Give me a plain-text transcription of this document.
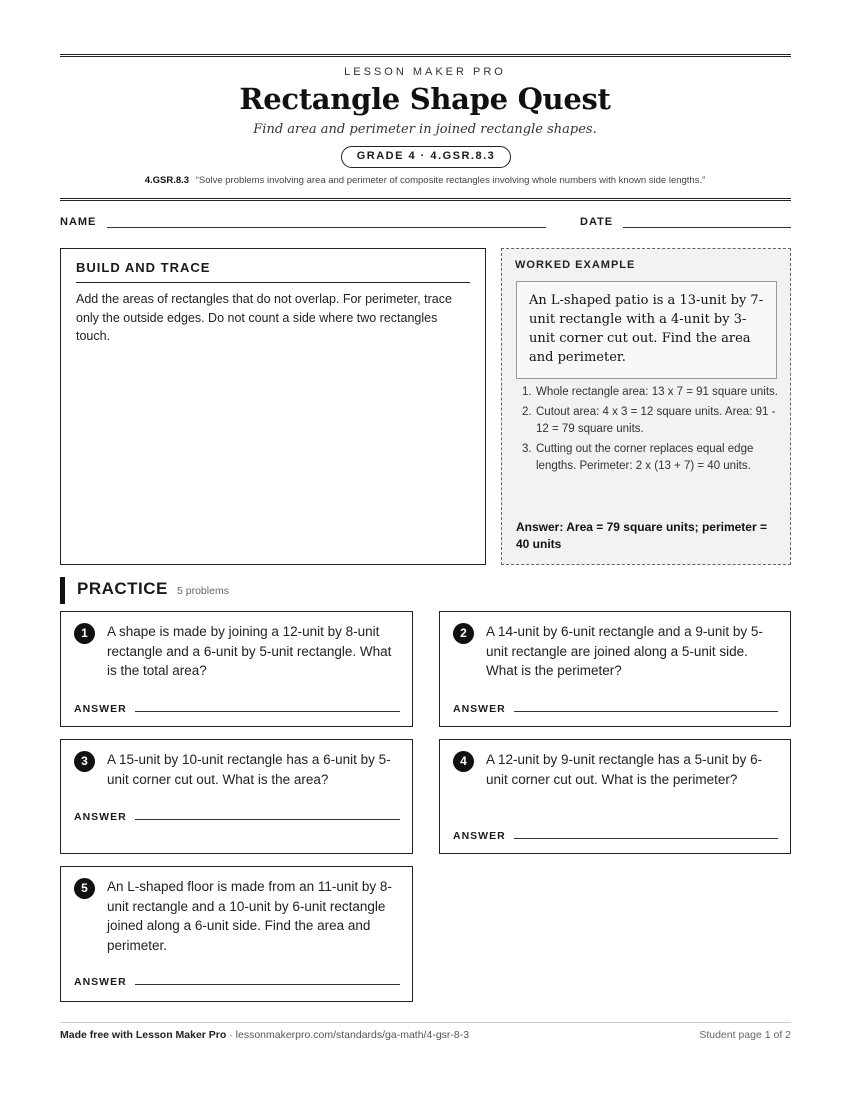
LESSON MAKER PRO
Rectangle Shape Quest
Find area and perimeter in joined rectangle shapes.
GRADE 4 · 4.GSR.8.3
4.GSR.8.3 “Solve problems involving area and perimeter of composite rectangles involving whole numbers with known side lengths.”
NAME	DATE
BUILD AND TRACE

Add the areas of rectangles that do not overlap. For perimeter, trace only the outside edges. Do not count a side where two rectangles touch.

WORKED EXAMPLE
An L-shaped patio is a 13-unit by 7-unit rectangle with a 4-unit by 3-unit corner cut out. Find the area and perimeter.
1. Whole rectangle area: 13 x 7 = 91 square units.
2. Cutout area: 4 x 3 = 12 square units. Area: 91 - 12 = 79 square units.
3. Cutting out the corner replaces equal edge lengths. Perimeter: 2 x (13 + 7) = 40 units.
Answer: Area = 79 square units; perimeter = 40 units
PRACTICE 5 problems
1	A shape is made by joining a 12-unit by 8-unit rectangle and a 6-unit by 5-unit rectangle. What is the total area?
ANSWER
2	A 14-unit by 6-unit rectangle and a 9-unit by 5-unit rectangle are joined along a 5-unit side. What is the perimeter?
ANSWER
3	A 15-unit by 10-unit rectangle has a 6-unit by 5-unit corner cut out. What is the area?
ANSWER
4	A 12-unit by 9-unit rectangle has a 5-unit by 6-unit corner cut out. What is the perimeter?
ANSWER
5	An L-shaped floor is made from an 11-unit by 8-unit rectangle and a 10-unit by 6-unit rectangle joined along a 6-unit side. Find the area and perimeter.
ANSWER
Made free with Lesson Maker Pro · lessonmakerpro.com/standards/ga-math/4-gsr-8-3	Student page 1 of 2
